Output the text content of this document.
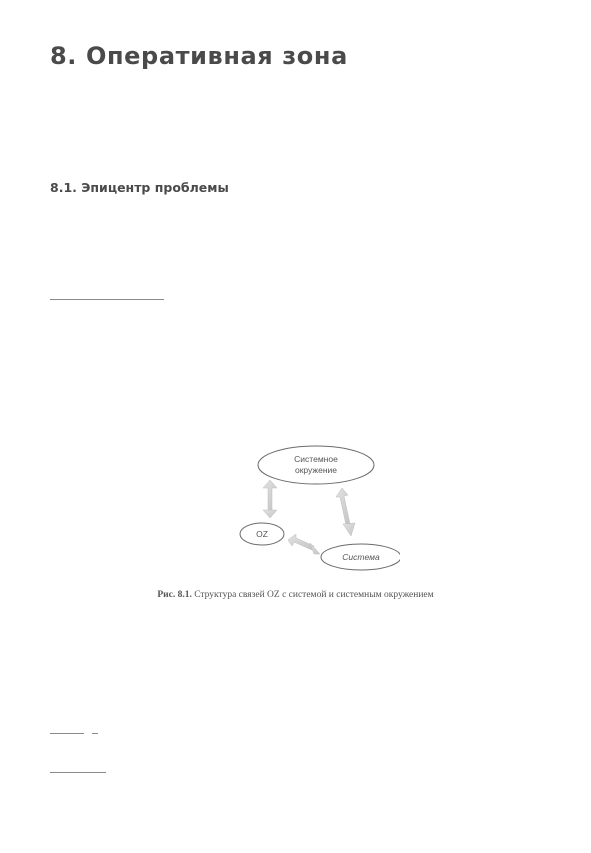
8. Оперативная зона
8.1. Эпицентр проблемы
Системное
окружение
OZ
Система
Рис. 8.1. Структура связей OZ с системой и системным окружением
